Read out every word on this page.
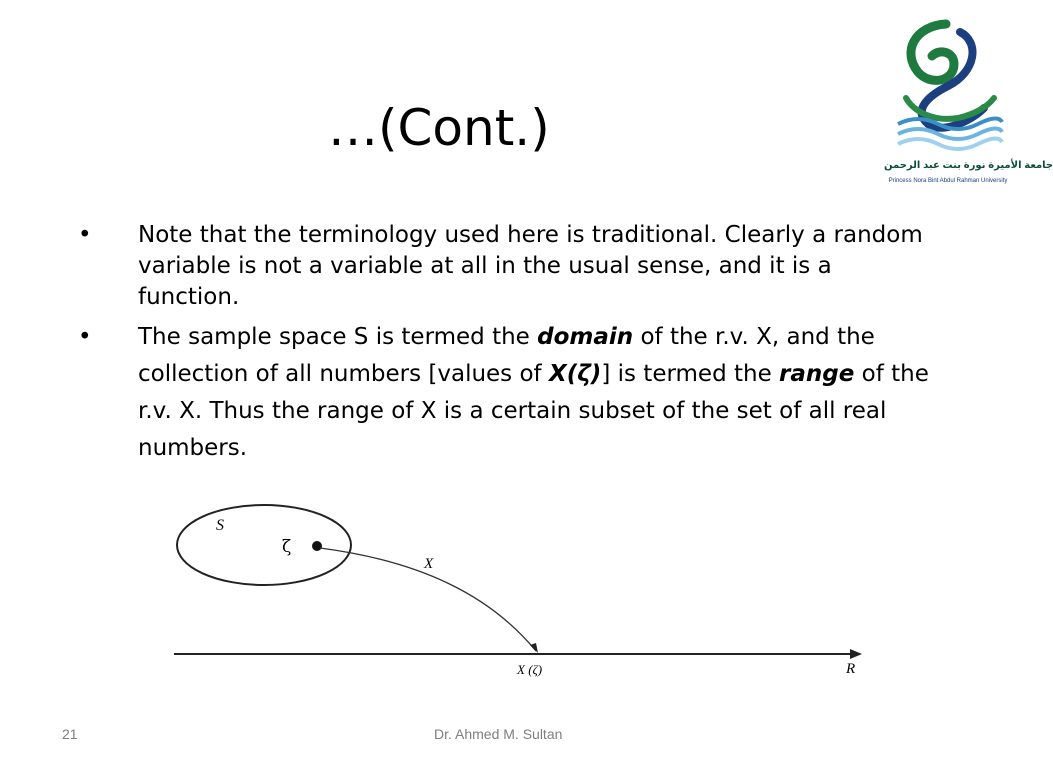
…(Cont.)
جامعة الأميرة نورة بنت عبد الرحمن
Princess Nora Bint Abdul Rahman University
• Note that the terminology used here is traditional. Clearly a random variable is not a variable at all in the usual sense, and it is a function.
• The sample space S is termed the domain of the r.v. X, and the collection of all numbers [values of X(ζ)] is termed the range of the r.v. X. Thus the range of X is a certain subset of the set of all real numbers.
S
ζ
X
X (ζ)	R
21	Dr. Ahmed M. Sultan
